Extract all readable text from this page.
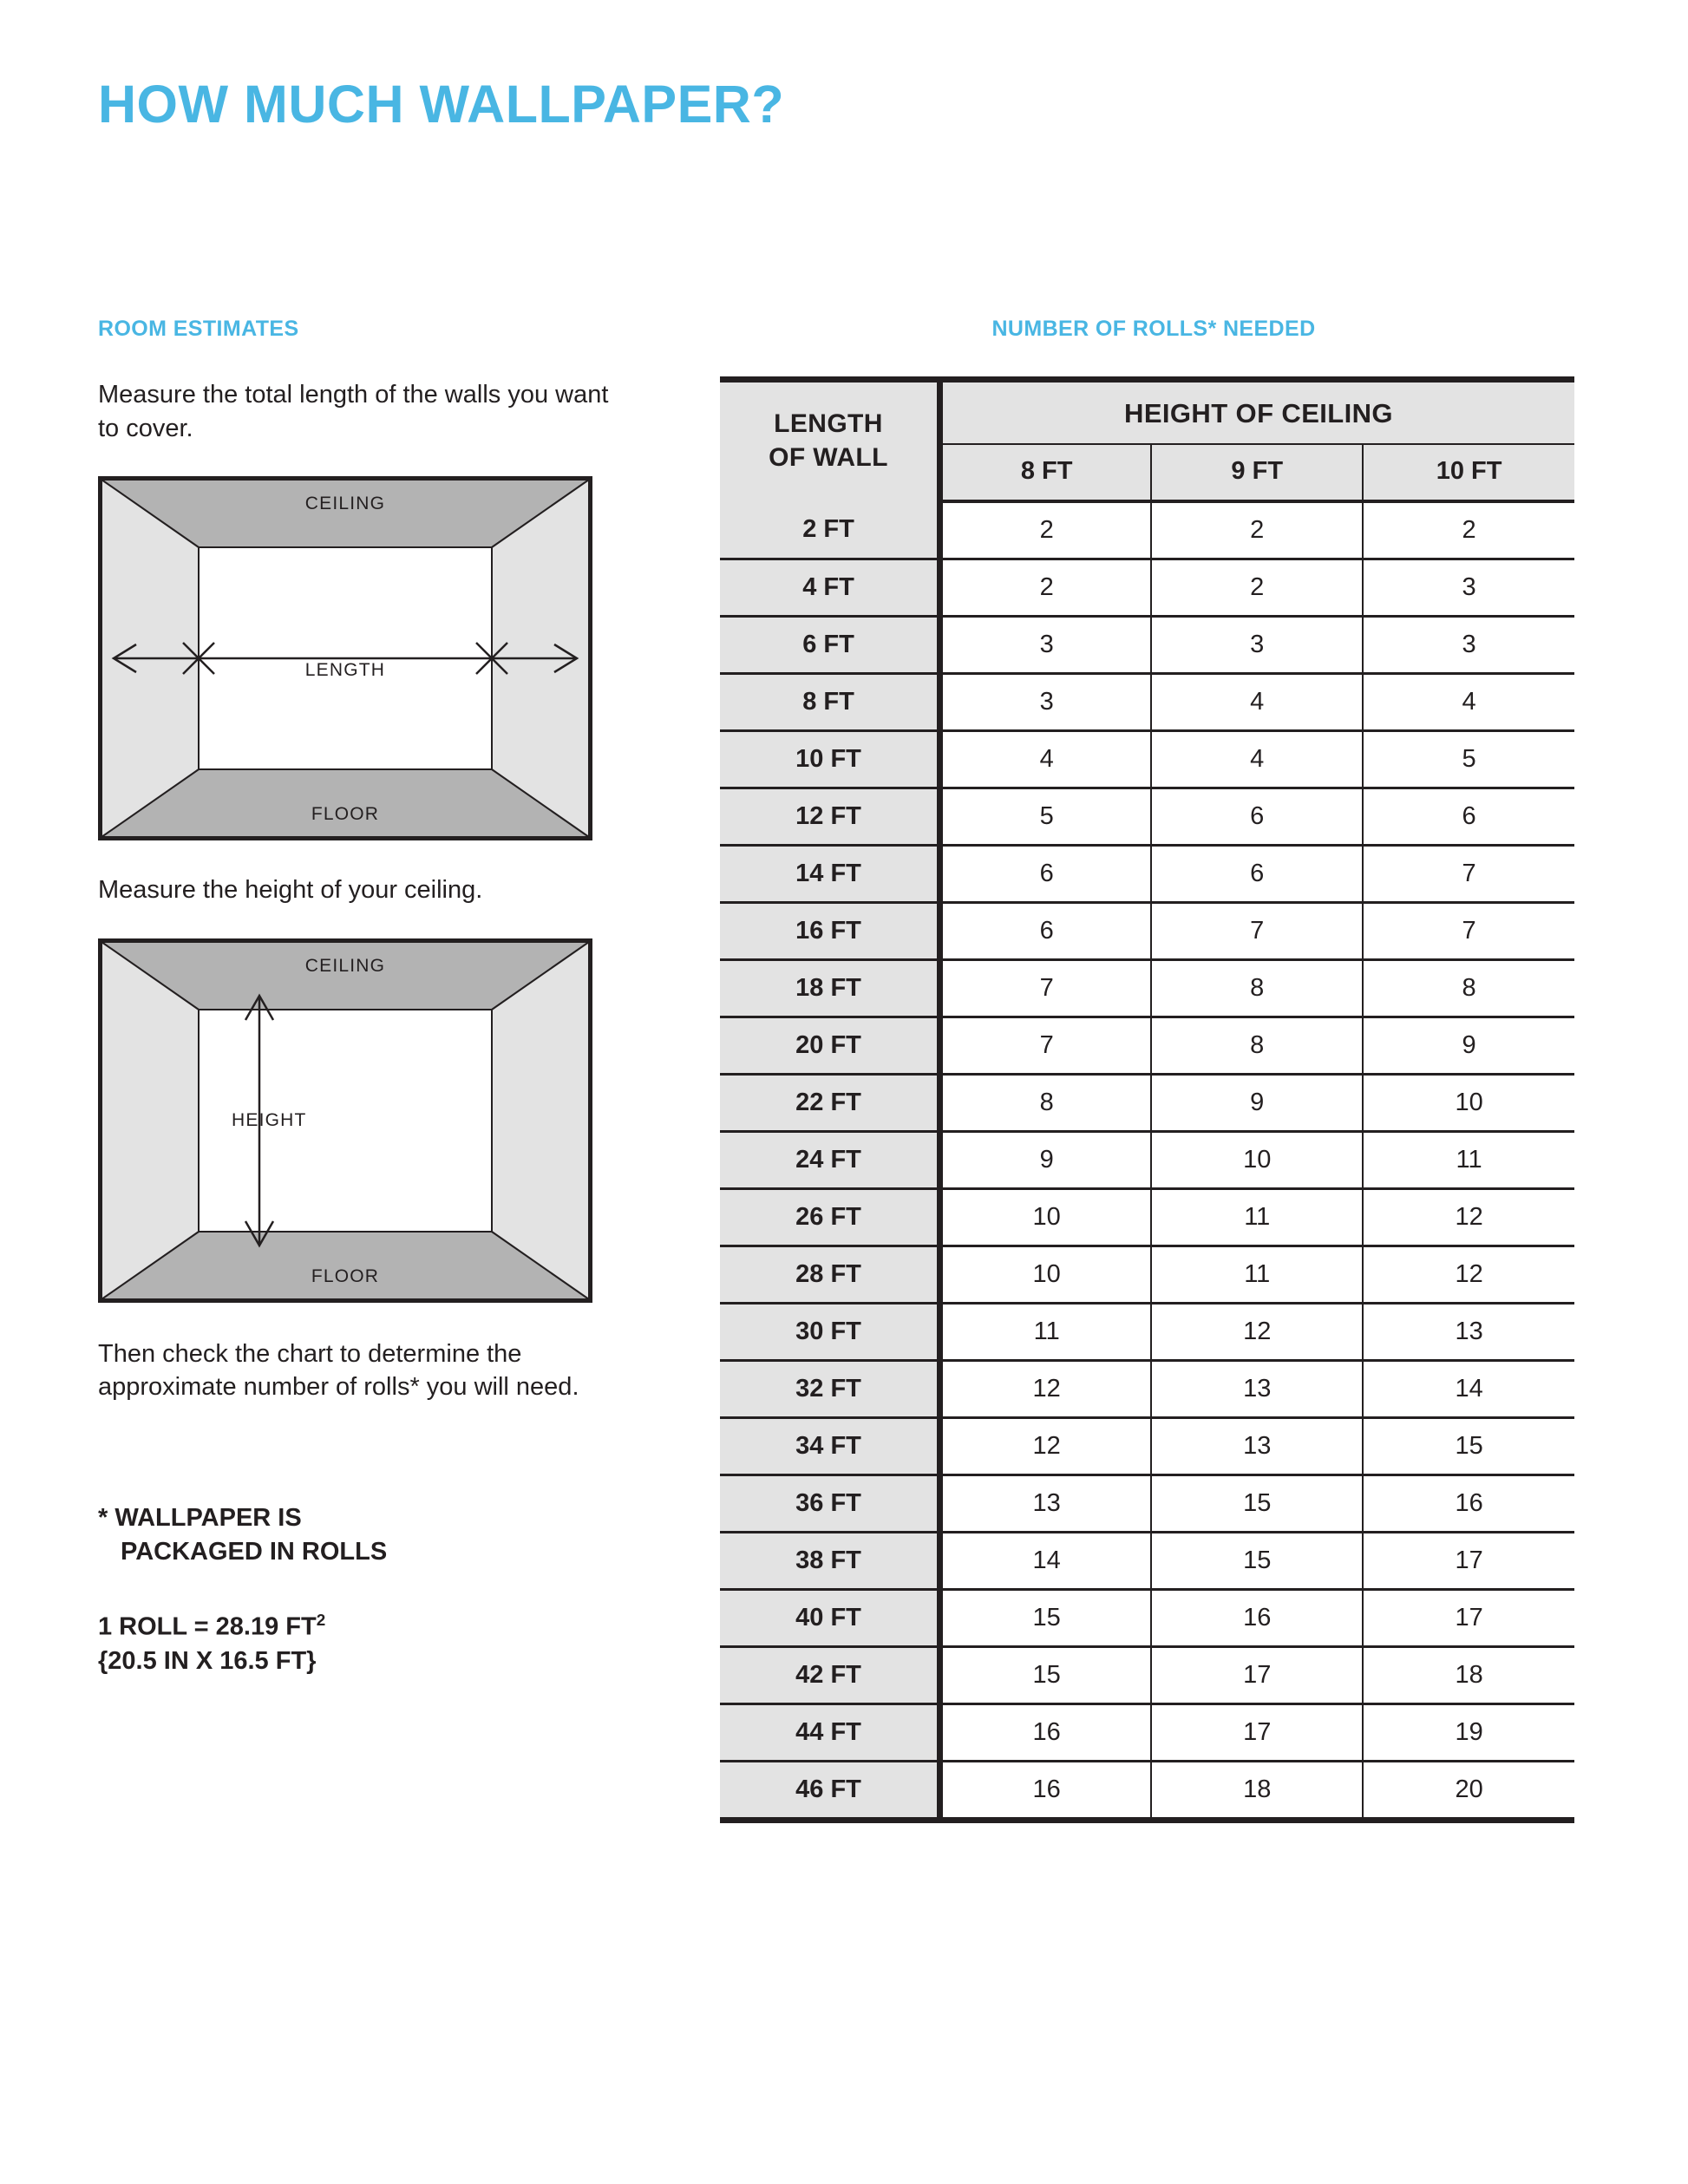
HOW MUCH WALLPAPER?
ROOM ESTIMATES

Measure the total length of the walls you want to cover.

CEILING
FLOOR
LENGTH

Measure the height of your ceiling.

CEILING
FLOOR
HEIGHT

Then check the chart to determine the approximate number of rolls* you will need.

* WALLPAPER IS
PACKAGED IN ROLLS
1 ROLL = 28.19 $FT^2$
{20.5 IN X 16.5 FT}
NUMBER OF ROLLS* NEEDED
LENGTH
OF WALL	HEIGHT OF CEILING		
	8 FT	9 FT	10 FT
2 FT	2	2	2
4 FT	2	2	3
6 FT	3	3	3
8 FT	3	4	4
10 FT	4	4	5
12 FT	5	6	6
14 FT	6	6	7
16 FT	6	7	7
18 FT	7	8	8
20 FT	7	8	9
22 FT	8	9	10
24 FT	9	10	11
26 FT	10	11	12
28 FT	10	11	12
30 FT	11	12	13
32 FT	12	13	14
34 FT	12	13	15
36 FT	13	15	16
38 FT	14	15	17
40 FT	15	16	17
42 FT	15	17	18
44 FT	16	17	19
46 FT	16	18	20
